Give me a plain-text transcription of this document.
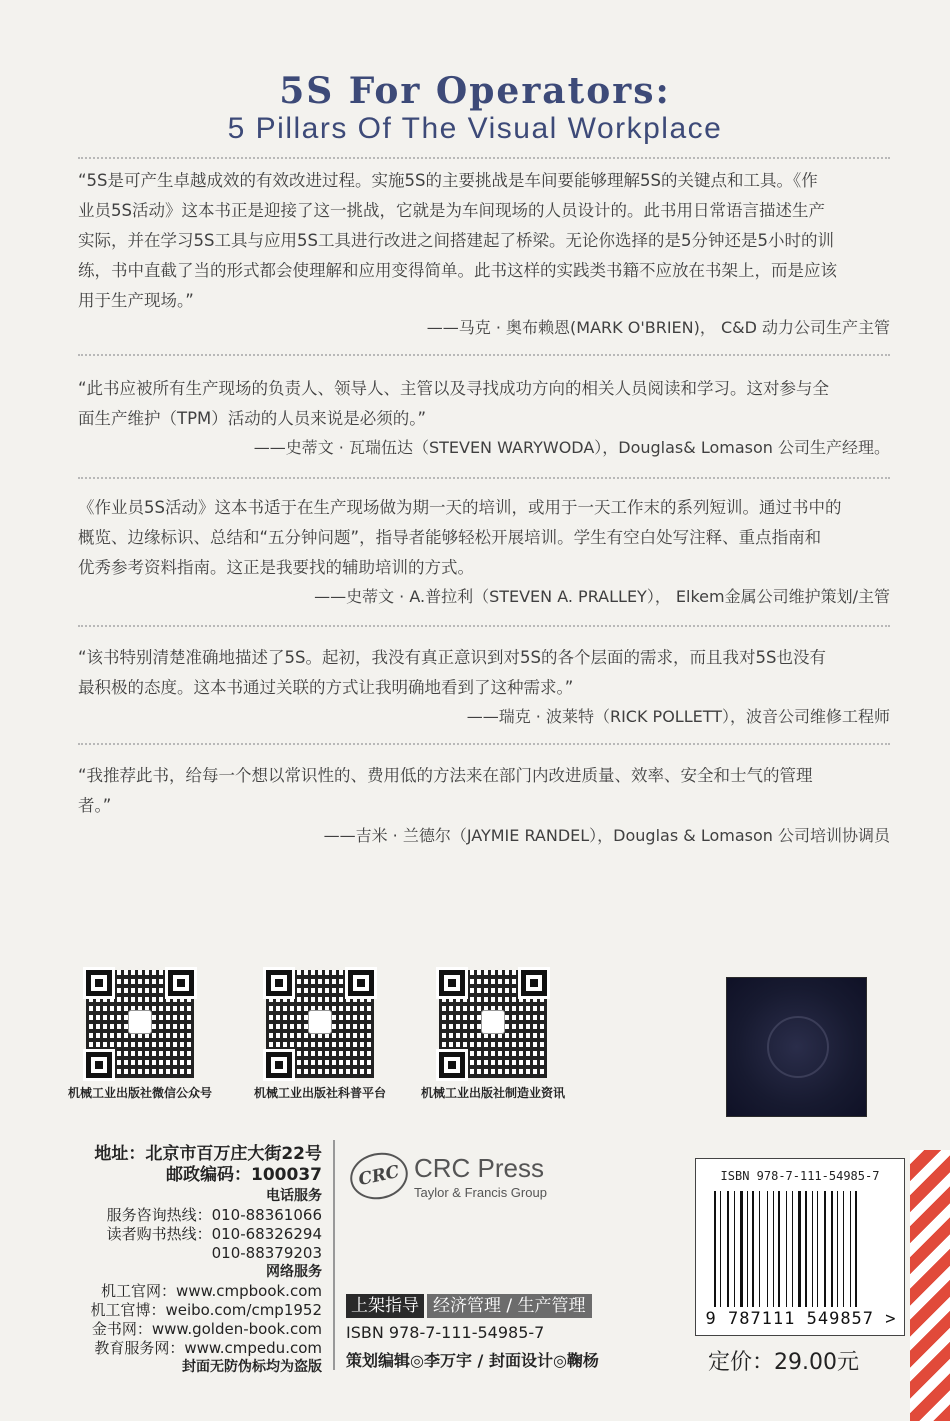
5S For Operators:
5 Pillars Of The Visual Workplace
“5S是可产生卓越成效的有效改进过程。实施5S的主要挑战是车间要能够理解5S的关键点和工具。《作
业员5S活动》这本书正是迎接了这一挑战，它就是为车间现场的人员设计的。此书用日常语言描述生产
实际，并在学习5S工具与应用5S工具进行改进之间搭建起了桥梁。无论你选择的是5分钟还是5小时的训
练，书中直截了当的形式都会使理解和应用变得简单。此书这样的实践类书籍不应放在书架上，而是应该
用于生产现场。”
——马克 · 奥布赖恩(MARK O'BRIEN)， C&D 动力公司生产主管
“此书应被所有生产现场的负责人、领导人、主管以及寻找成功方向的相关人员阅读和学习。这对参与全
面生产维护（TPM）活动的人员来说是必须的。”
——史蒂文 · 瓦瑞伍达（STEVEN WARYWODA），Douglas& Lomason 公司生产经理。
《作业员5S活动》这本书适于在生产现场做为期一天的培训，或用于一天工作末的系列短训。通过书中的
概览、边缘标识、总结和“五分钟问题”，指导者能够轻松开展培训。学生有空白处写注释、重点指南和
优秀参考资料指南。这正是我要找的辅助培训的方式。
——史蒂文 · A.普拉利（STEVEN A. PRALLEY）， Elkem金属公司维护策划/主管
“该书特别清楚准确地描述了5S。起初，我没有真正意识到对5S的各个层面的需求，而且我对5S也没有
最积极的态度。这本书通过关联的方式让我明确地看到了这种需求。”
——瑞克 · 波莱特（RICK POLLETT），波音公司维修工程师
“我推荐此书，给每一个想以常识性的、费用低的方法来在部门内改进质量、效率、安全和士气的管理
者。”
——吉米 · 兰德尔（JAYMIE RANDEL），Douglas & Lomason 公司培训协调员
机械工业出版社微信公众号	机械工业出版社科普平台	机械工业出版社制造业资讯
地址：北京市百万庄大街22号
邮政编码：100037
电话服务
服务咨询热线：010-88361066
读者购书热线：010-68326294
010-88379203
网络服务
机工官网：www.cmpbook.com
机工官博：weibo.com/cmp1952
金书网：www.golden-book.com
教育服务网：www.cmpedu.com
封面无防伪标均为盗版
CRC CRC Press
Taylor & Francis Group
上架指导 经济管理 / 生产管理
ISBN 978-7-111-54985-7
策划编辑◎李万宇 / 封面设计◎鞠杨
ISBN 978-7-111-54985-7
9 787111 549857 >
定价：29.00元
